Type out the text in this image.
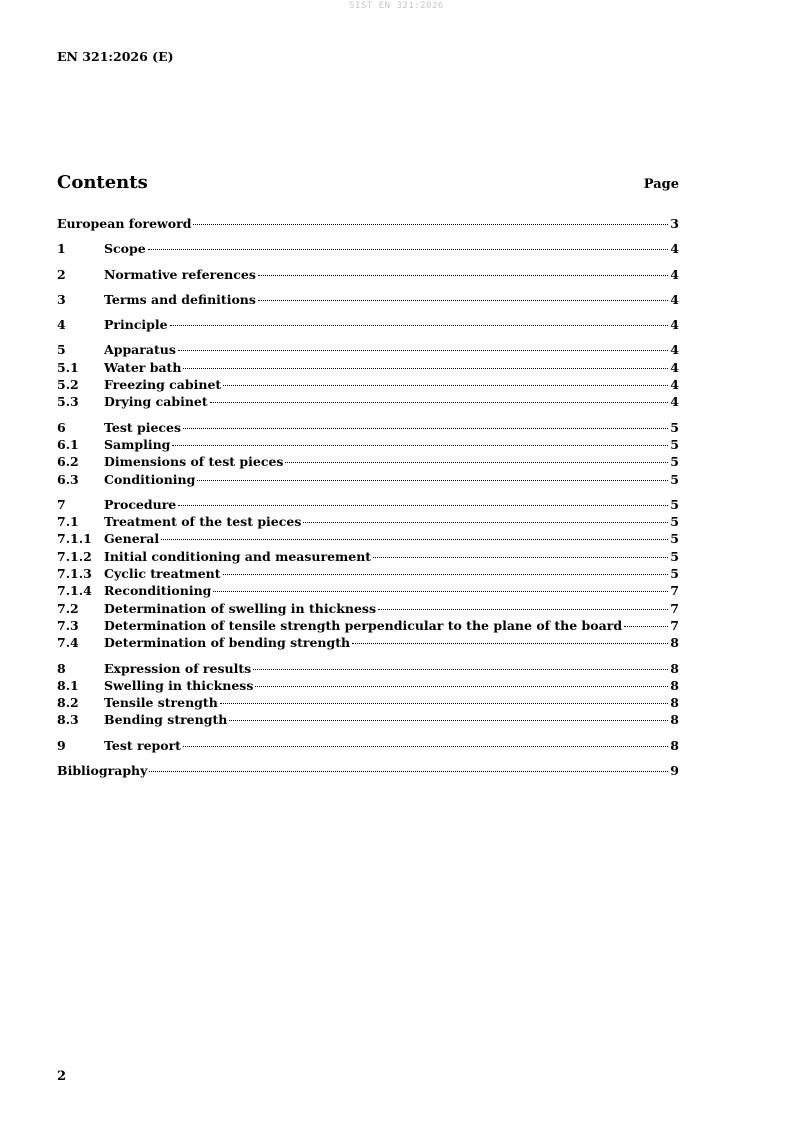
SIST EN 321:2026
EN 321:2026 (E)
Contents	Page
European foreword	3
1	Scope	4
2	Normative references	4
3	Terms and definitions	4
4	Principle	4
5	Apparatus	4
5.1	Water bath	4
5.2	Freezing cabinet	4
5.3	Drying cabinet	4
6	Test pieces	5
6.1	Sampling	5
6.2	Dimensions of test pieces	5
6.3	Conditioning	5
7	Procedure	5
7.1	Treatment of the test pieces	5
7.1.1 General	5
7.1.2 Initial conditioning and measurement	5
7.1.3 Cyclic treatment	5
7.1.4 Reconditioning	7
7.2	Determination of swelling in thickness	7
7.3	Determination of tensile strength perpendicular to the plane of the board	7
7.4	Determination of bending strength	8
8	Expression of results	8
8.1	Swelling in thickness	8
8.2	Tensile strength	8
8.3	Bending strength	8
9	Test report	8
Bibliography	9
2
